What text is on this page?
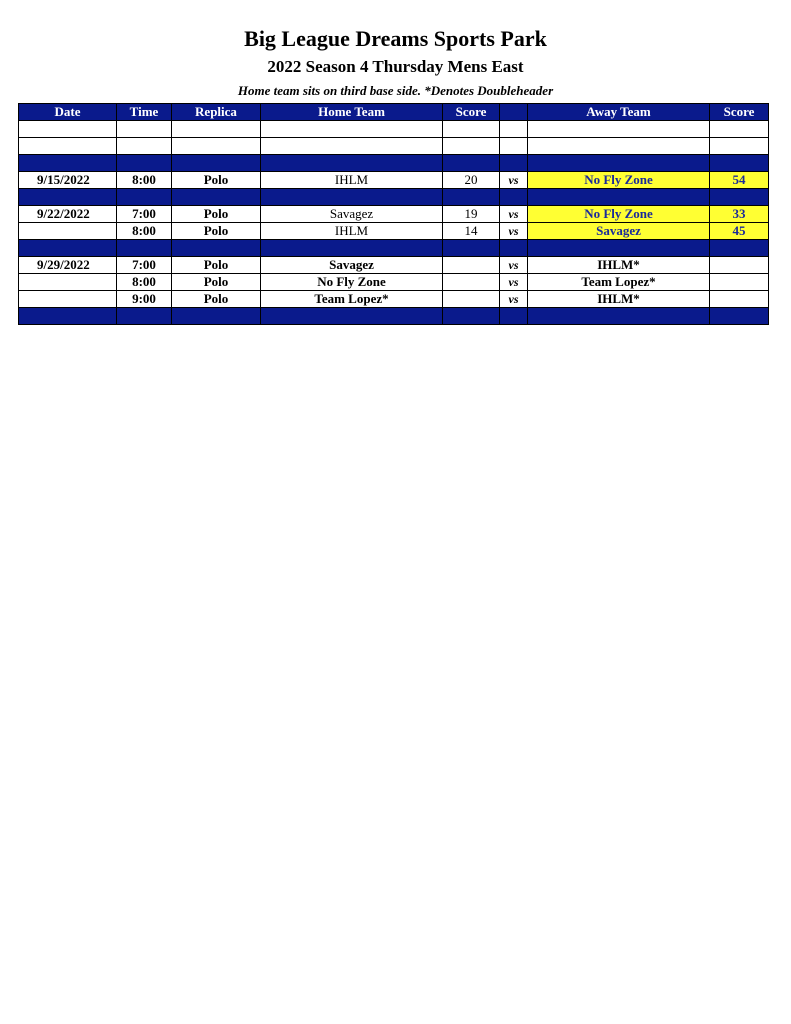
Big League Dreams Sports Park
2022 Season 4 Thursday Mens East
Home team sits on third base side. *Denotes Doubleheader
Date	Time	Replica	Home Team	Score		Away Team	Score

9/15/2022	8:00	Polo	IHLM	20	vs	No Fly Zone	54

9/22/2022	7:00	Polo	Savagez	19	vs	No Fly Zone	33
	8:00	Polo	IHLM	14	vs	Savagez	45

9/29/2022	7:00	Polo	Savagez		vs	IHLM*	
	8:00	Polo	No Fly Zone		vs	Team Lopez*	
	9:00	Polo	Team Lopez*		vs	IHLM*	
